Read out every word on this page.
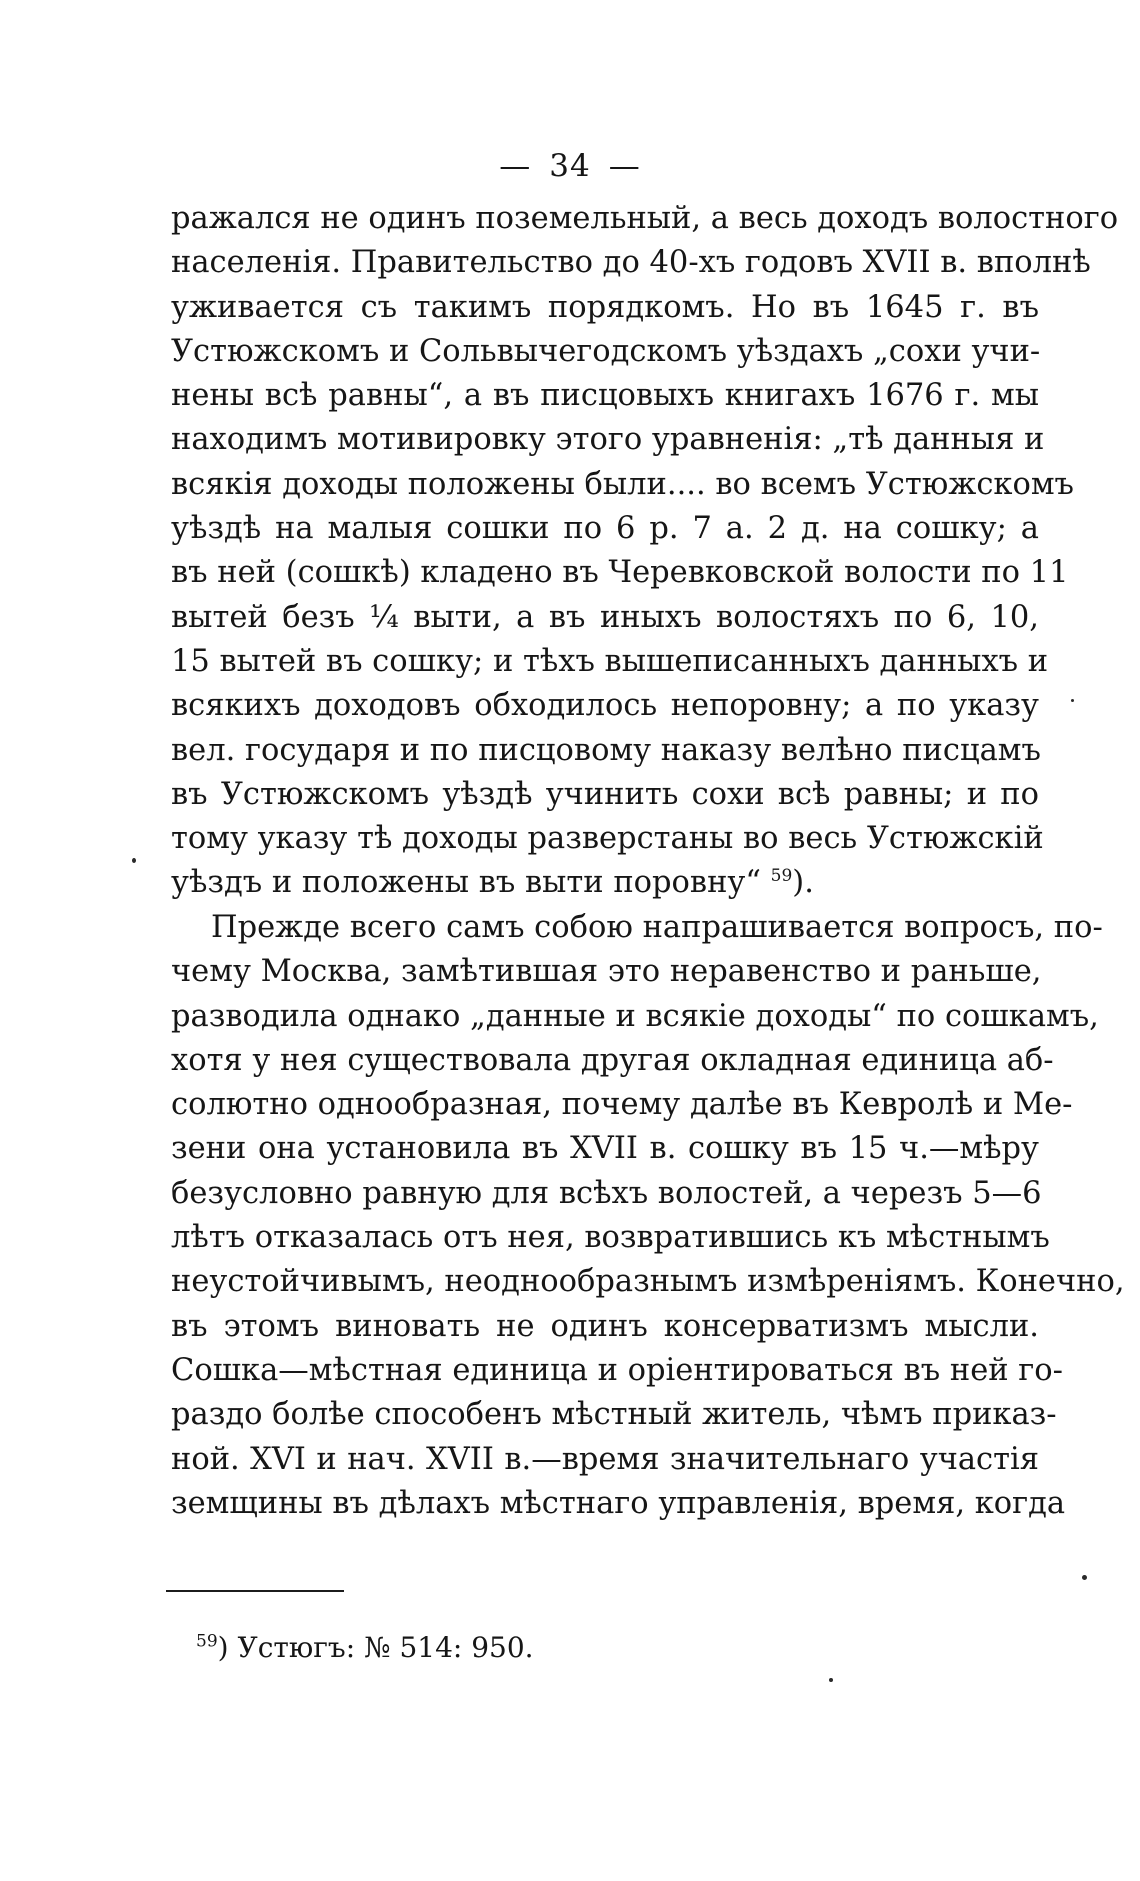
— 34 —
ражался не одинъ поземельный, а весь доходъ волостного
населенія. Правительство до 40-хъ годовъ XVII в. вполнѣ
уживается съ такимъ порядкомъ. Но въ 1645 г. въ
Устюжскомъ и Сольвычегодскомъ уѣздахъ „сохи учи-
нены всѣ равны“, а въ писцовыхъ книгахъ 1676 г. мы
находимъ мотивировку этого уравненія: „тѣ данныя и
всякія доходы положены были.... во всемъ Устюжскомъ
уѣздѣ на малыя сошки по 6 р. 7 а. 2 д. на сошку; а
въ ней (сошкѣ) кладено въ Черевковской волости по 11
вытей безъ ¼ выти, а въ иныхъ волостяхъ по 6, 10,
15 вытей въ сошку; и тѣхъ вышеписанныхъ данныхъ и
всякихъ доходовъ обходилось непоровну; а по указу
вел. государя и по писцовому наказу велѣно писцамъ
въ Устюжскомъ уѣздѣ учинить сохи всѣ равны; и по
тому указу тѣ доходы разверстаны во весь Устюжскій
уѣздъ и положены въ выти поровну“ $^{59}$).
Прежде всего самъ собою напрашивается вопросъ, по-
чему Москва, замѣтившая это неравенство и раньше,
разводила однако „данные и всякіе доходы“ по сошкамъ,
хотя у нея существовала другая окладная единица аб-
солютно однообразная, почему далѣе въ Кевролѣ и Ме-
зени она установила въ XVII в. сошку въ 15 ч.—мѣру
безусловно равную для всѣхъ волостей, а черезъ 5—6
лѣтъ отказалась отъ нея, возвратившись къ мѣстнымъ
неустойчивымъ, неоднообразнымъ измѣреніямъ. Конечно,
въ этомъ виновать не одинъ консерватизмъ мысли.
Сошка—мѣстная единица и оріентироваться въ ней го-
раздо болѣе способенъ мѣстный житель, чѣмъ приказ-
ной. XVI и нач. XVII в.—время значительнаго участія
земщины въ дѣлахъ мѣстнаго управленія, время, когда
$^{59}$) Устюгъ: № 514: 950.
